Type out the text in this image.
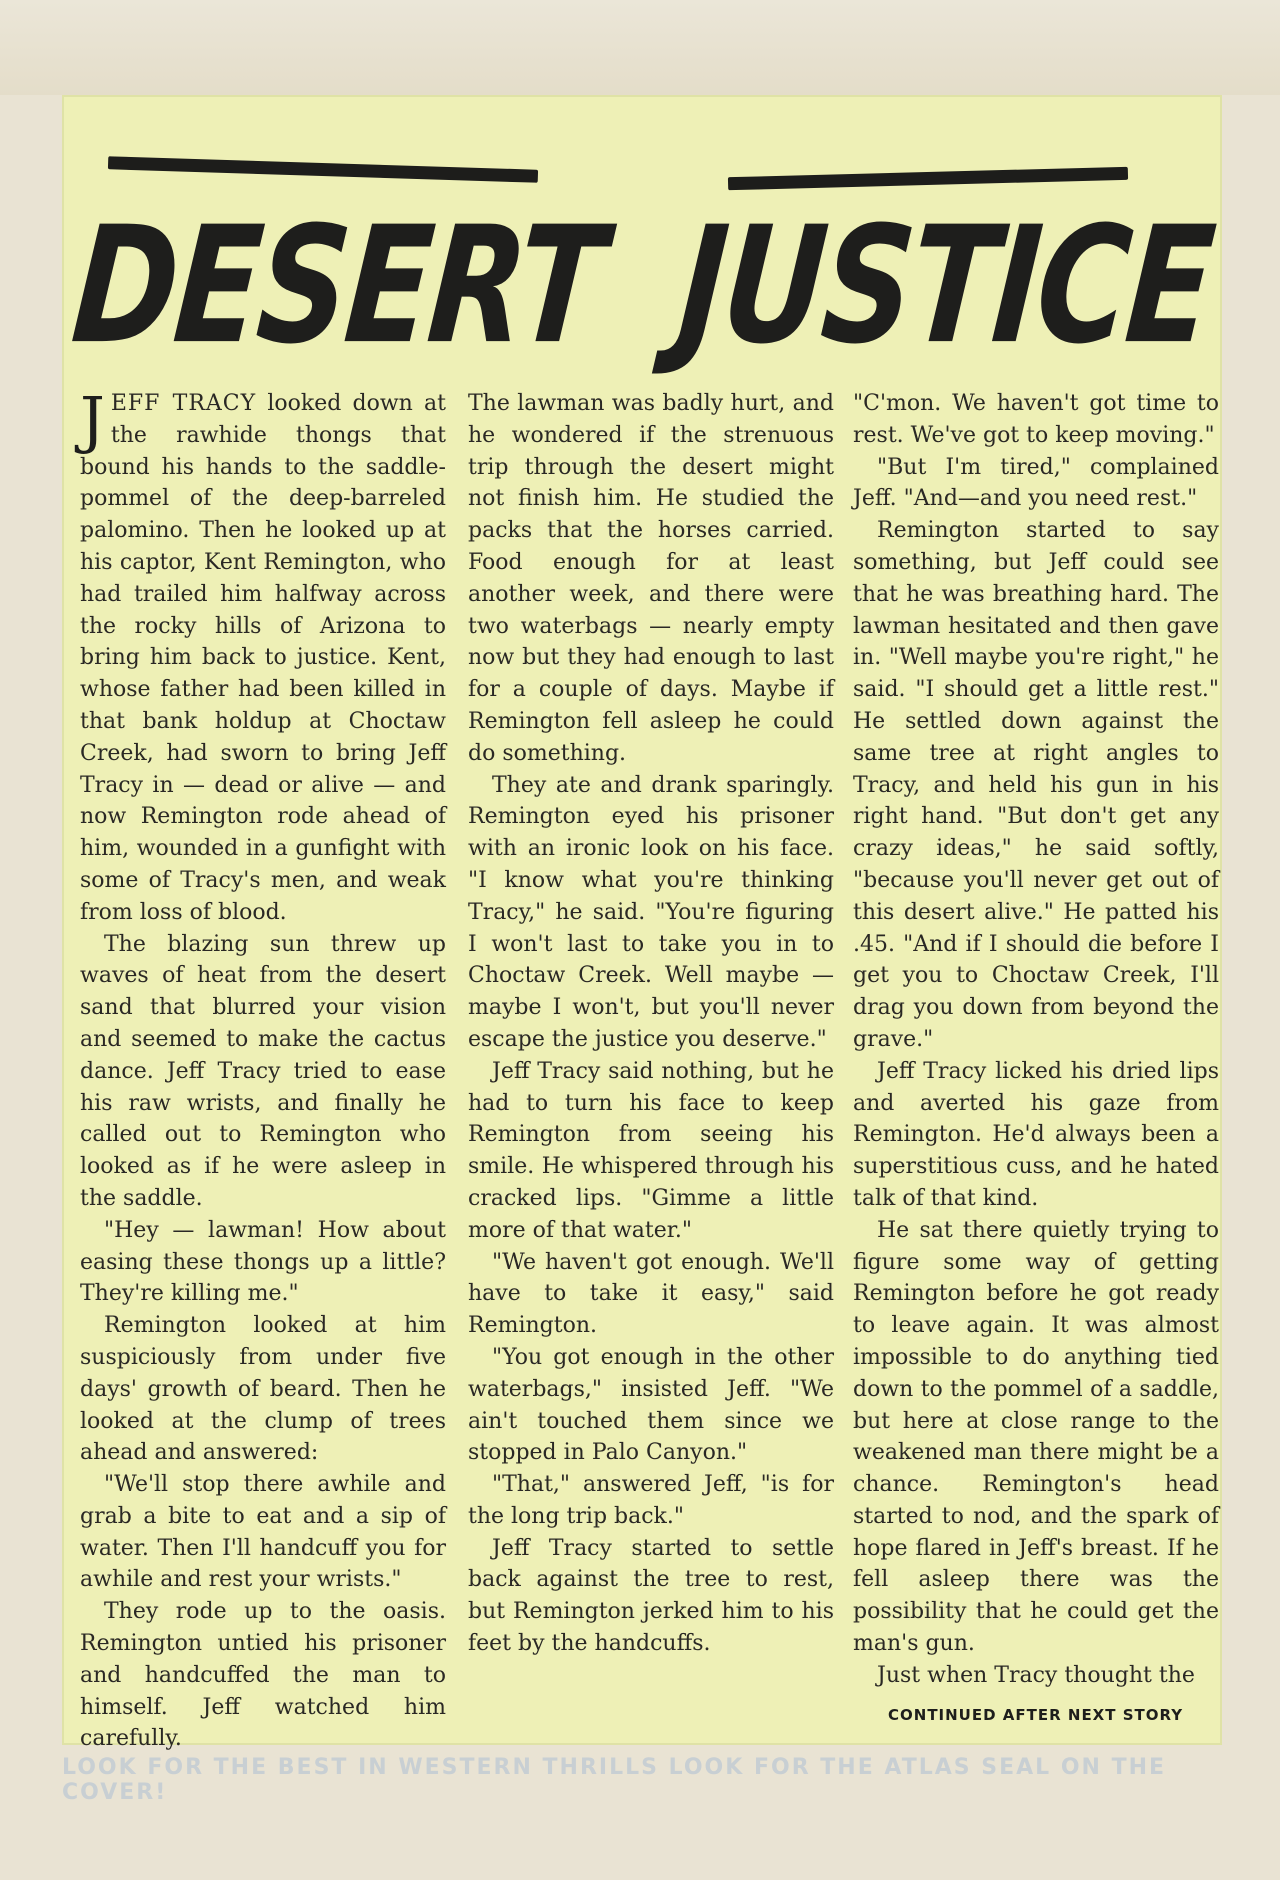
DESERT JUSTICE

JEFF TRACY looked down at the rawhide thongs that bound his hands to the saddle-pommel of the deep-barreled palomino. Then he looked up at his captor, Kent Remington, who had trailed him halfway across the rocky hills of Arizona to bring him back to justice. Kent, whose father had been killed in that bank holdup at Choctaw Creek, had sworn to bring Jeff Tracy in — dead or alive — and now Remington rode ahead of him, wounded in a gunfight with some of Tracy's men, and weak from loss of blood.

The blazing sun threw up waves of heat from the desert sand that blurred your vision and seemed to make the cactus dance. Jeff Tracy tried to ease his raw wrists, and finally he called out to Remington who looked as if he were asleep in the saddle.

"Hey — lawman! How about easing these thongs up a little? They're killing me."

Remington looked at him suspiciously from under five days' growth of beard. Then he looked at the clump of trees ahead and answered:

"We'll stop there awhile and grab a bite to eat and a sip of water. Then I'll handcuff you for awhile and rest your wrists."

They rode up to the oasis. Remington untied his prisoner and handcuffed the man to himself. Jeff watched him carefully.

The lawman was badly hurt, and he wondered if the strenuous trip through the desert might not finish him. He studied the packs that the horses carried. Food enough for at least another week, and there were two waterbags — nearly empty now but they had enough to last for a couple of days. Maybe if Remington fell asleep he could do something.

They ate and drank sparingly. Remington eyed his prisoner with an ironic look on his face. "I know what you're thinking Tracy," he said. "You're figuring I won't last to take you in to Choctaw Creek. Well maybe —maybe I won't, but you'll never escape the justice you deserve."

Jeff Tracy said nothing, but he had to turn his face to keep Remington from seeing his smile. He whispered through his cracked lips. "Gimme a little more of that water."

"We haven't got enough. We'll have to take it easy," said Remington.

"You got enough in the other waterbags," insisted Jeff. "We ain't touched them since we stopped in Palo Canyon."

"That," answered Jeff, "is for the long trip back."

Jeff Tracy started to settle back against the tree to rest, but Remington jerked him to his feet by the handcuffs.

"C'mon. We haven't got time to rest. We've got to keep moving."

"But I'm tired," complained Jeff. "And—and you need rest."

Remington started to say something, but Jeff could see that he was breathing hard. The lawman hesitated and then gave in. "Well maybe you're right," he said. "I should get a little rest." He settled down against the same tree at right angles to Tracy, and held his gun in his right hand. "But don't get any crazy ideas," he said softly, "because you'll never get out of this desert alive." He patted his .45. "And if I should die before I get you to Choctaw Creek, I'll drag you down from beyond the grave."

Jeff Tracy licked his dried lips and averted his gaze from Remington. He'd always been a superstitious cuss, and he hated talk of that kind.

He sat there quietly trying to figure some way of getting Remington before he got ready to leave again. It was almost impossible to do anything tied down to the pommel of a saddle, but here at close range to the weakened man there might be a chance. Remington's head started to nod, and the spark of hope flared in Jeff's breast. If he fell asleep there was the possibility that he could get the man's gun.

Just when Tracy thought the

CONTINUED AFTER NEXT STORY
LOOK FOR THE BEST IN WESTERN THRILLS LOOK FOR THE ATLAS SEAL ON THE COVER!
